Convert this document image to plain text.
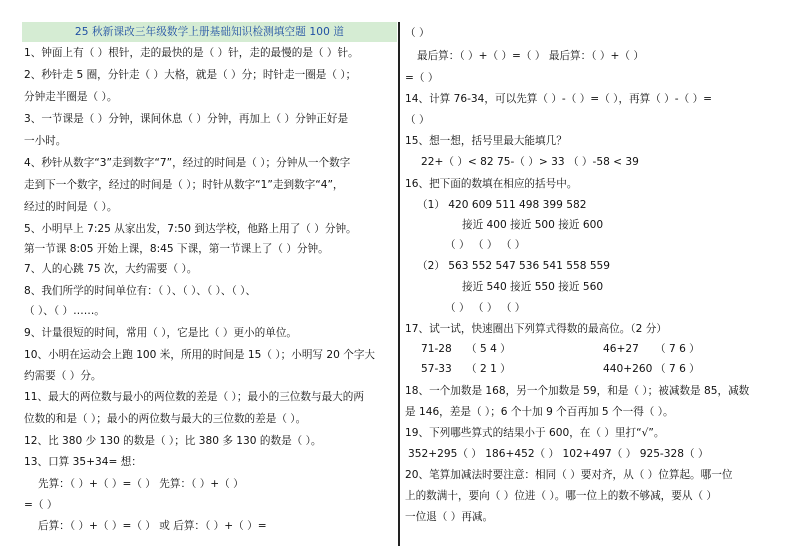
25 秋新课改三年级数学上册基础知识检测填空题 100 道
1、钟面上有（ ）根针，走的最快的是（ ）针，走的最慢的是（ ）针。
2、秒针走 5 圈，分针走（ ）大格，就是（ ）分；时针走一圈是（ ）；
分钟走半圈是（ ）。
3、一节课是（ ）分钟，课间休息（ ）分钟，再加上（ ）分钟正好是
一小时。
4、秒针从数字“3”走到数字“7”，经过的时间是（ ）；分钟从一个数字
走到下一个数字，经过的时间是（ ）；时针从数字“1”走到数字“4”，
经过的时间是（ ）。
5、小明早上 7:25 从家出发，7:50 到达学校，他路上用了（ ）分钟。
第一节课 8:05 开始上课，8:45 下课，第一节课上了（ ）分钟。
7、人的心跳 75 次，大约需要（ ）。
8、我们所学的时间单位有：（ ）、（ ）、（ ）、（ ）、
（ ）、（ ）……。
9、计量很短的时间，常用（ ），它是比（ ）更小的单位。
10、小明在运动会上跑 100 米，所用的时间是 15（ ）；小明写 20 个字大
约需要（ ）分。
11、最大的两位数与最小的两位数的差是（ ）；最小的三位数与最大的两
位数的和是（ ）；最小的两位数与最大的三位数的差是（ ）。
12、比 380 少 130 的数是（ ）；比 380 多 130 的数是（ ）。
13、口算 35+34= 想：
先算：（ ）+（ ）=（ ） 先算：（ ）+（ ）
=（ ）
后算：（ ）+（ ）=（ ） 或 后算：（ ）+（ ）=
（ ）
最后算：（ ）+（ ）=（ ） 最后算：（ ）+（ ）
=（ ）
14、计算 76-34，可以先算（ ）-（ ）=（ ），再算（ ）-（ ）=
（ ）
15、想一想，括号里最大能填几？
22+（ ）< 82 75-（ ）> 33 （ ）-58 < 39
16、把下面的数填在相应的括号中。
（1） 420 609 511 498 399 582
接近 400 接近 500 接近 600
（ ） （ ） （ ）
（2） 563 552 547 536 541 558 559
接近 540 接近 550 接近 560
（ ） （ ） （ ）
17、试一试，快速圈出下列算式得数的最高位。（2 分）
71-28 （ 5 4 ）	46+27 （ 7 6 ）
57-33 （ 2 1 ）	440+260 （ 7 6 ）
18、一个加数是 168，另一个加数是 59，和是（ ）；被减数是 85，减数
是 146，差是（ ）；6 个十加 9 个百再加 5 个一得（ ）。
19、下列哪些算式的结果小于 600，在（ ）里打“√”。
352+295（ ） 186+452（ ） 102+497（ ） 925-328（ ）
20、笔算加减法时要注意：相同（ ）要对齐，从（ ）位算起。哪一位
上的数满十，要向（ ）位进（ ）。哪一位上的数不够减，要从（ ）
一位退（ ）再减。
